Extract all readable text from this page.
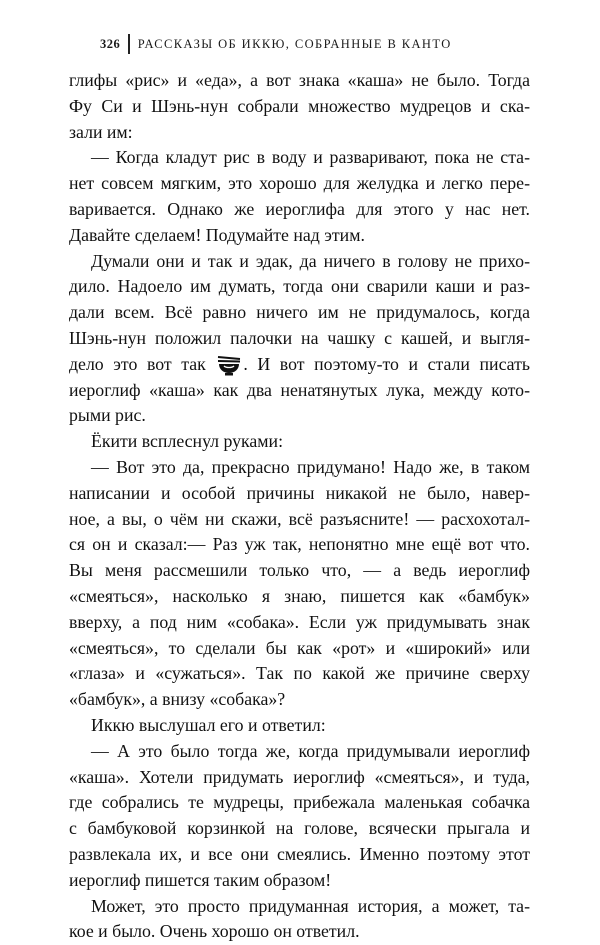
326 РАССКАЗЫ ОБ ИККЮ, СОБРАННЫЕ В КАНТО
глифы «рис» и «еда», а вот знака «каша» не было. Тогда
Фу Си и Шэнь-нун собрали множество мудрецов и ска-
зали им:
— Когда кладут рис в воду и разваривают, пока не ста-
нет совсем мягким, это хорошо для желудка и легко пере-
варивается. Однако же иероглифа для этого у нас нет.
Давайте сделаем! Подумайте над этим.
Думали они и так и эдак, да ничего в голову не прихо-
дило. Надоело им думать, тогда они сварили каши и раз-
дали всем. Всё равно ничего им не придумалось, когда
Шэнь-нун положил палочки на чашку с кашей, и выгля-
дело это вот так . И вот поэтому-то и стали писать
иероглиф «каша» как два ненатянутых лука, между кото-
рыми рис.
Ёкити всплеснул руками:
— Вот это да, прекрасно придумано! Надо же, в таком
написании и особой причины никакой не было, навер-
ное, а вы, о чём ни скажи, всё разъясните! — расхохотал-
ся он и сказал:— Раз уж так, непонятно мне ещё вот что.
Вы меня рассмешили только что, — а ведь иероглиф
«смеяться», насколько я знаю, пишется как «бамбук»
вверху, а под ним «собака». Если уж придумывать знак
«смеяться», то сделали бы как «рот» и «широкий» или
«глаза» и «сужаться». Так по какой же причине сверху
«бамбук», а внизу «собака»?
Иккю выслушал его и ответил:
— А это было тогда же, когда придумывали иероглиф
«каша». Хотели придумать иероглиф «смеяться», и туда,
где собрались те мудрецы, прибежала маленькая собачка
с бамбуковой корзинкой на голове, всячески прыгала и
развлекала их, и все они смеялись. Именно поэтому этот
иероглиф пишется таким образом!
Может, это просто придуманная история, а может, та-
кое и было. Очень хорошо он ответил.
